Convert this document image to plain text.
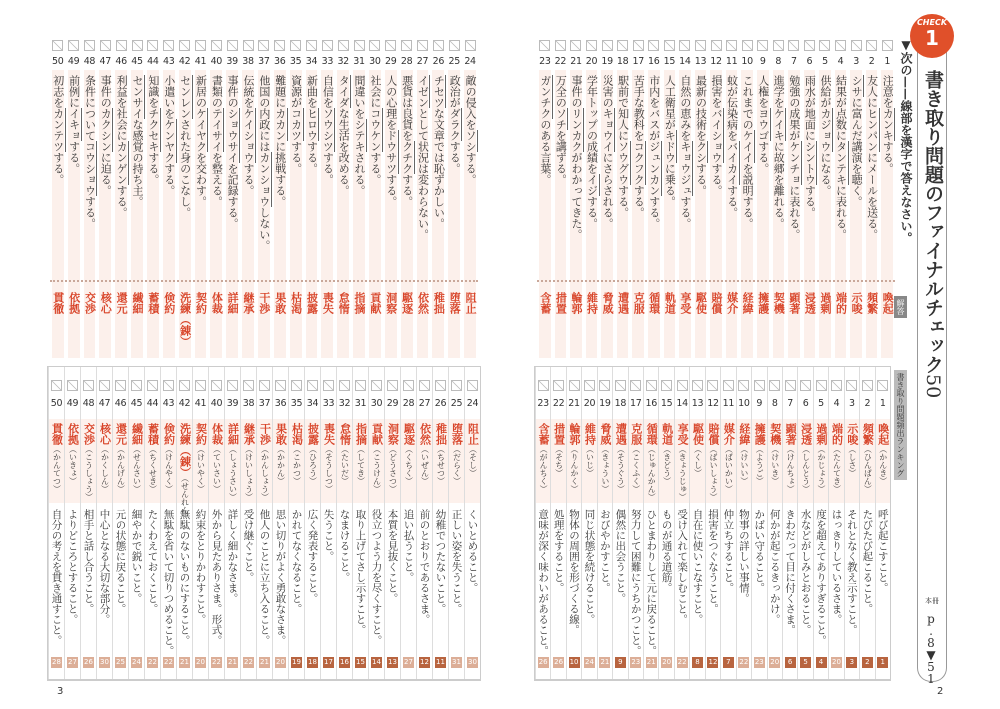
24
敵の侵入をソシする。
阻止
25
政治がダラクする。
堕落
26
チセツな文章では恥ずかしい。
稚拙
27
イゼンとして状況は変わらない。
依然
28
悪貨は良貨をクチクする。
駆逐
29
人の心理をドウサツする。
洞察
30
社会にコウケンする。
貢献
31
間違いをシテキされる。
指摘
32
タイダな生活を改める。
怠惰
33
自信をソウシツする。
喪失
34
新曲をヒロウする。
披露
35
資源がコカツする。
枯渇
36
難題にカカンに挑戦する。
果敢
37
他国の内政にはカンショウしない。
干渉
38
伝統をケイショウする。
継承
39
事件のショウサイを記録する。
詳細
40
書類のテイサイを整える。
体裁
41
新居のケイヤクを交わす。
契約
42
センレンされた身のこなし。
洗練（錬）
43
小遣いをケンヤクする。
倹約
44
知識をチクセキする。
蓄積
45
センサイな感覚の持ち主。
繊細
46
利益を社会にカンゲンする。
還元
47
事件のカクシンに迫る。
核心
48
条件についてコウショウする。
交渉
49
前例にイキョする。
依拠
50
初志をカンテツする。
貫徹
24
阻止（そし）
くいとめること。
30
25
堕落（だらく）
正しい姿を失うこと。
31
26
稚拙（ちせつ）
幼稚でつたないこと。
11
27
依然（いぜん）
前のとおりであるさま。
12
28
駆逐（くちく）
追い払うこと。
27
29
洞察（どうさつ）
本質を見抜くこと。
13
30
貢献（こうけん）
役立つよう力を尽くすこと。
14
31
指摘（してき）
取り上げてさし示すこと。
15
32
怠惰（たいだ）
なまけること。
16
33
喪失（そうしつ）
失うこと。
17
34
披露（ひろう）
広く発表すること。
18
35
枯渇（こかつ）
かれてなくなること。
19
36
果敢（かかん）
思い切りがよく勇敢なさま。
20
37
干渉（かんしょう）
他人のことに立ち入ること。
21
38
継承（けいしょう）
受け継ぐこと。
22
39
詳細（しょうさい）
詳しく細かなさま。
21
40
体裁（ていさい）
外から見たありさま。形式。
22
41
契約（けいやく）
約束をとりかわすこと。
20
42
洗練（錬）（せんれん）
無駄のないものにすること。
21
43
倹約（けんやく）
無駄を省いて切りつめること。
22
44
蓄積（ちくせき）
たくわえておくこと。
22
45
繊細（せんさい）
細やかで鋭いこと。
24
46
還元（かんげん）
元の状態に戻ること。
25
47
核心（かくしん）
中心となる大切な部分。
30
48
交渉（こうしょう）
相手と話し合うこと。
26
49
依拠（いきょ）
よりどころとすること。
27
50
貫徹（かんてつ）
自分の考えを貫き通すこと。
28
3
1
注意をカンキする。
喚起
2
友人にヒンパンにメールを送る。
頻繁
3
シサに富んだ講演を聴く。
示唆
4
結果が点数にタンテキに表れる。
端的
5
供給がカジョウになる。
過剰
6
雨水が地面にシントウする。
浸透
7
勉強の成果がケンチョに表れる。
顕著
8
進学をケイキに故郷を離れる。
契機
9
人権をヨウゴする。
擁護
10
これまでのケイイを説明する。
経緯
11
蚊が伝染病をバイカイする。
媒介
12
損害をバイショウする。
賠償
13
最新の技術をクシする。
駆使
14
自然の恵みをキョウジュする。
享受
15
人工衛星がキドウに乗る。
軌道
16
市内をバスがジュンカンする。
循環
17
苦手な教科をコクフクする。
克服
18
駅前で知人にソウグウする。
遭遇
19
災害のキョウイにさらされる。
脅威
20
学年トップの成績をイジする。
維持
21
事件のリンカクがわかってきた。
輪郭
22
万全のソチを講ずる。
措置
23
ガンチクのある言葉。
含蓄
1
喚起（かんき）
呼び起こすこと。
1
2
頻繁（ひんぱん）
たびたび起こること。
2
3
示唆（しさ）
それとなく教え示すこと。
3
4
端的（たんてき）
はっきりしているさま。
20
5
過剰（かじょう）
度を超えてありすぎること。
4
6
浸透（しんとう）
水などがしみとおること。
5
7
顕著（けんちょ）
きわだって目に付くさま。
6
8
契機（けいき）
何かが起こるきっかけ。
20
9
擁護（ようご）
かばい守ること。
23
10
経緯（けいい）
物事の詳しい事情。
22
11
媒介（ばいかい）
仲立ちすること。
7
12
賠償（ばいしょう）
損害をつぐなうこと。
12
13
駆使（くし）
自在に使いこなすこと。
8
14
享受（きょうじゅ）
受け入れて楽しむこと。
22
15
軌道（きどう）
ものが通る道筋。
20
16
循環（じゅんかん）
ひとまわりして元に戻ること。
21
17
克服（こくふく）
努力して困難にうちかつこと。
23
18
遭遇（そうぐう）
偶然に出会うこと。
9
19
脅威（きょうい）
おびやかすこと。
21
20
維持（いじ）
同じ状態を続けること。
24
21
輪郭（りんかく）
物体の周囲を形づくる線。
10
22
措置（そち）
処理をすること。
26
23
含蓄（がんちく）
意味が深く味わいがあること。
26
▼次の——線部を漢字で答えなさい。
解答
書き取り問題頻出ランキング
CHECK
1
書き取り問題のファイナルチェック50
本冊
p.8▼51
2
